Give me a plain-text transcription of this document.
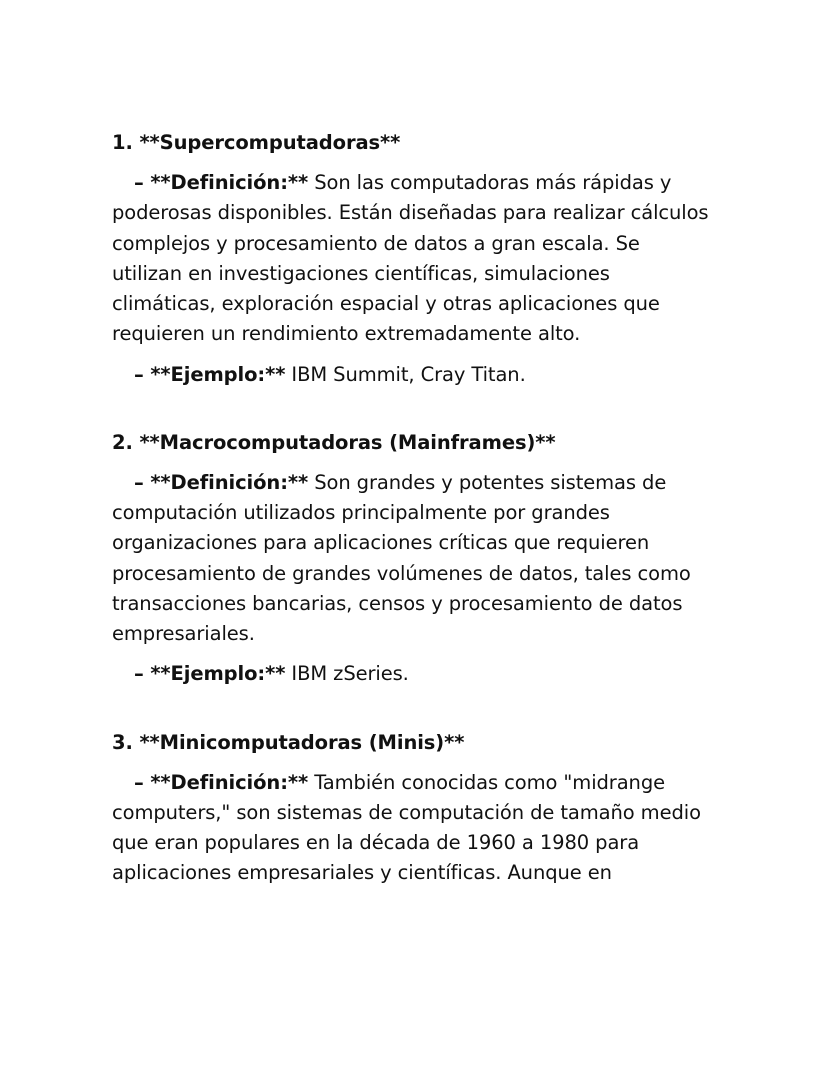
1. **Supercomputadoras**

– **Definición:** Son las computadoras más rápidas y poderosas disponibles. Están diseñadas para realizar cálculos complejos y procesamiento de datos a gran escala. Se utilizan en investigaciones científicas, simulaciones climáticas, exploración espacial y otras aplicaciones que requieren un rendimiento extremadamente alto.

– **Ejemplo:** IBM Summit, Cray Titan.

2. **Macrocomputadoras (Mainframes)**

– **Definición:** Son grandes y potentes sistemas de computación utilizados principalmente por grandes organizaciones para aplicaciones críticas que requieren procesamiento de grandes volúmenes de datos, tales como transacciones bancarias, censos y procesamiento de datos empresariales.

– **Ejemplo:** IBM zSeries.

3. **Minicomputadoras (Minis)**

– **Definición:** También conocidas como "midrange computers," son sistemas de computación de tamaño medio que eran populares en la década de 1960 a 1980 para aplicaciones empresariales y científicas. Aunque en
